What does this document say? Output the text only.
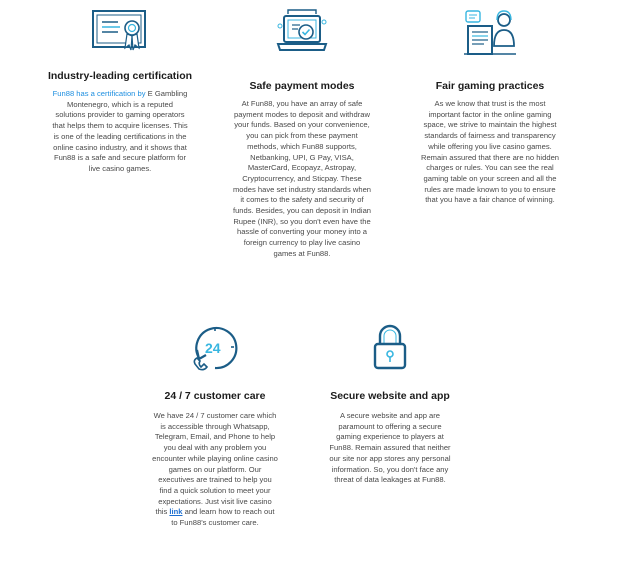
Industry-leading certification

Fun88 has a certification by E Gambling Montenegro, which is a reputed solutions provider to gaming operators that helps them to acquire licenses. This is one of the leading certifications in the online casino industry, and it shows that Fun88 is a safe and secure platform for live casino games.

Safe payment modes

At Fun88, you have an array of safe payment modes to deposit and withdraw your funds. Based on your convenience, you can pick from these payment methods, which Fun88 supports, Netbanking, UPI, G Pay, VISA, MasterCard, Ecopayz, Astropay, Cryptocurrency, and Sticpay. These modes have set industry standards when it comes to the safety and security of funds. Besides, you can deposit in Indian Rupee (INR), so you don't even have the hassle of converting your money into a foreign currency to play live casino games at Fun88.

Fair gaming practices

As we know that trust is the most important factor in the online gaming space, we strive to maintain the highest standards of fairness and transparency while offering you live casino games. Remain assured that there are no hidden charges or rules. You can see the real gaming table on your screen and all the rules are made known to you to ensure that you have a fair chance of winning.

24

24 / 7 customer care

We have 24 / 7 customer care which is accessible through Whatsapp, Telegram, Email, and Phone to help you deal with any problem you encounter while playing online casino games on our platform. Our executives are trained to help you find a quick solution to meet your expectations. Just visit live casino this link and learn how to reach out to Fun88's customer care.

Secure website and app

A secure website and app are paramount to offering a secure gaming experience to players at Fun88. Remain assured that neither our site nor app stores any personal information. So, you don't face any threat of data leakages at Fun88.
